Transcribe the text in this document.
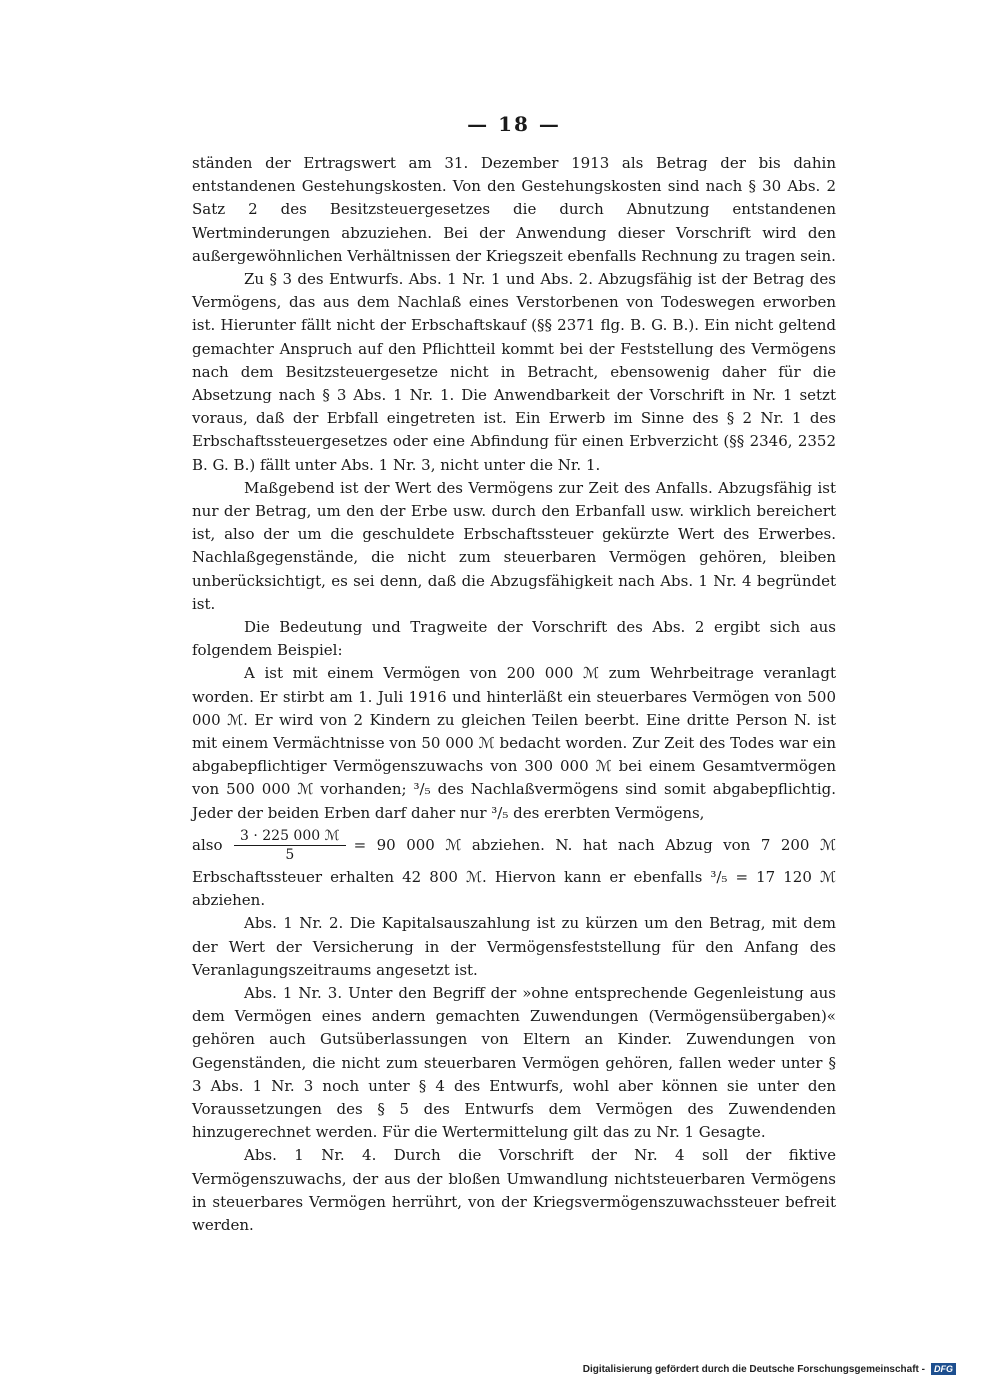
— 18 —

ständen der Ertragswert am 31. Dezember 1913 als Betrag der bis dahin entstandenen Gestehungskosten. Von den Gestehungskosten sind nach § 30 Abs. 2 Satz 2 des Besitzsteuergesetzes die durch Abnutzung entstandenen Wertminderungen abzuziehen. Bei der Anwendung dieser Vorschrift wird den außergewöhnlichen Verhältnissen der Kriegszeit ebenfalls Rechnung zu tragen sein.

Zu § 3 des Entwurfs. Abs. 1 Nr. 1 und Abs. 2. Abzugsfähig ist der Betrag des Vermögens, das aus dem Nachlaß eines Verstorbenen von Todeswegen erworben ist. Hierunter fällt nicht der Erbschaftskauf (§§ 2371 flg. B. G. B.). Ein nicht geltend gemachter Anspruch auf den Pflichtteil kommt bei der Feststellung des Vermögens nach dem Besitzsteuergesetze nicht in Betracht, ebensowenig daher für die Absetzung nach § 3 Abs. 1 Nr. 1. Die Anwendbarkeit der Vorschrift in Nr. 1 setzt voraus, daß der Erbfall eingetreten ist. Ein Erwerb im Sinne des § 2 Nr. 1 des Erbschaftssteuergesetzes oder eine Abfindung für einen Erbverzicht (§§ 2346, 2352 B. G. B.) fällt unter Abs. 1 Nr. 3, nicht unter die Nr. 1.

Maßgebend ist der Wert des Vermögens zur Zeit des Anfalls. Abzugsfähig ist nur der Betrag, um den der Erbe usw. durch den Erbanfall usw. wirklich bereichert ist, also der um die geschuldete Erbschaftssteuer gekürzte Wert des Erwerbes. Nachlaßgegenstände, die nicht zum steuerbaren Vermögen gehören, bleiben unberücksichtigt, es sei denn, daß die Abzugsfähigkeit nach Abs. 1 Nr. 4 begründet ist.

Die Bedeutung und Tragweite der Vorschrift des Abs. 2 ergibt sich aus folgendem Beispiel:

A ist mit einem Vermögen von 200 000 ℳ zum Wehrbeitrage veranlagt worden. Er stirbt am 1. Juli 1916 und hinterläßt ein steuerbares Vermögen von 500 000 ℳ. Er wird von 2 Kindern zu gleichen Teilen beerbt. Eine dritte Person N. ist mit einem Vermächtnisse von 50 000 ℳ bedacht worden. Zur Zeit des Todes war ein abgabepflichtiger Vermögenszuwachs von 300 000 ℳ bei einem Gesamtvermögen von 500 000 ℳ vorhanden; ³/₅ des Nachlaßvermögens sind somit abgabepflichtig. Jeder der beiden Erben darf daher nur ³/₅ des ererbten Vermögens,

also $\frac{\text{3 · 225 000 ℳ}}{5} = 90$ 000 ℳ abziehen. N. hat nach Abzug von 7 200 ℳ

Erbschaftssteuer erhalten 42 800 ℳ. Hiervon kann er ebenfalls ³/₅ = 17 120 ℳ abziehen.

Abs. 1 Nr. 2. Die Kapitalsauszahlung ist zu kürzen um den Betrag, mit dem der Wert der Versicherung in der Vermögensfeststellung für den Anfang des Veranlagungszeitraums angesetzt ist.

Abs. 1 Nr. 3. Unter den Begriff der »ohne entsprechende Gegenleistung aus dem Vermögen eines andern gemachten Zuwendungen (Vermögensübergaben)« gehören auch Gutsüberlassungen von Eltern an Kinder. Zuwendungen von Gegenständen, die nicht zum steuerbaren Vermögen gehören, fallen weder unter § 3 Abs. 1 Nr. 3 noch unter § 4 des Entwurfs, wohl aber können sie unter den Voraussetzungen des § 5 des Entwurfs dem Vermögen des Zuwendenden hinzugerechnet werden. Für die Wertermittelung gilt das zu Nr. 1 Gesagte.

Abs. 1 Nr. 4. Durch die Vorschrift der Nr. 4 soll der fiktive Vermögenszuwachs, der aus der bloßen Umwandlung nichtsteuerbaren Vermögens in steuerbares Vermögen herrührt, von der Kriegsvermögenszuwachssteuer befreit werden.

Digitalisierung gefördert durch die Deutsche Forschungsgemeinschaft -	DFG
